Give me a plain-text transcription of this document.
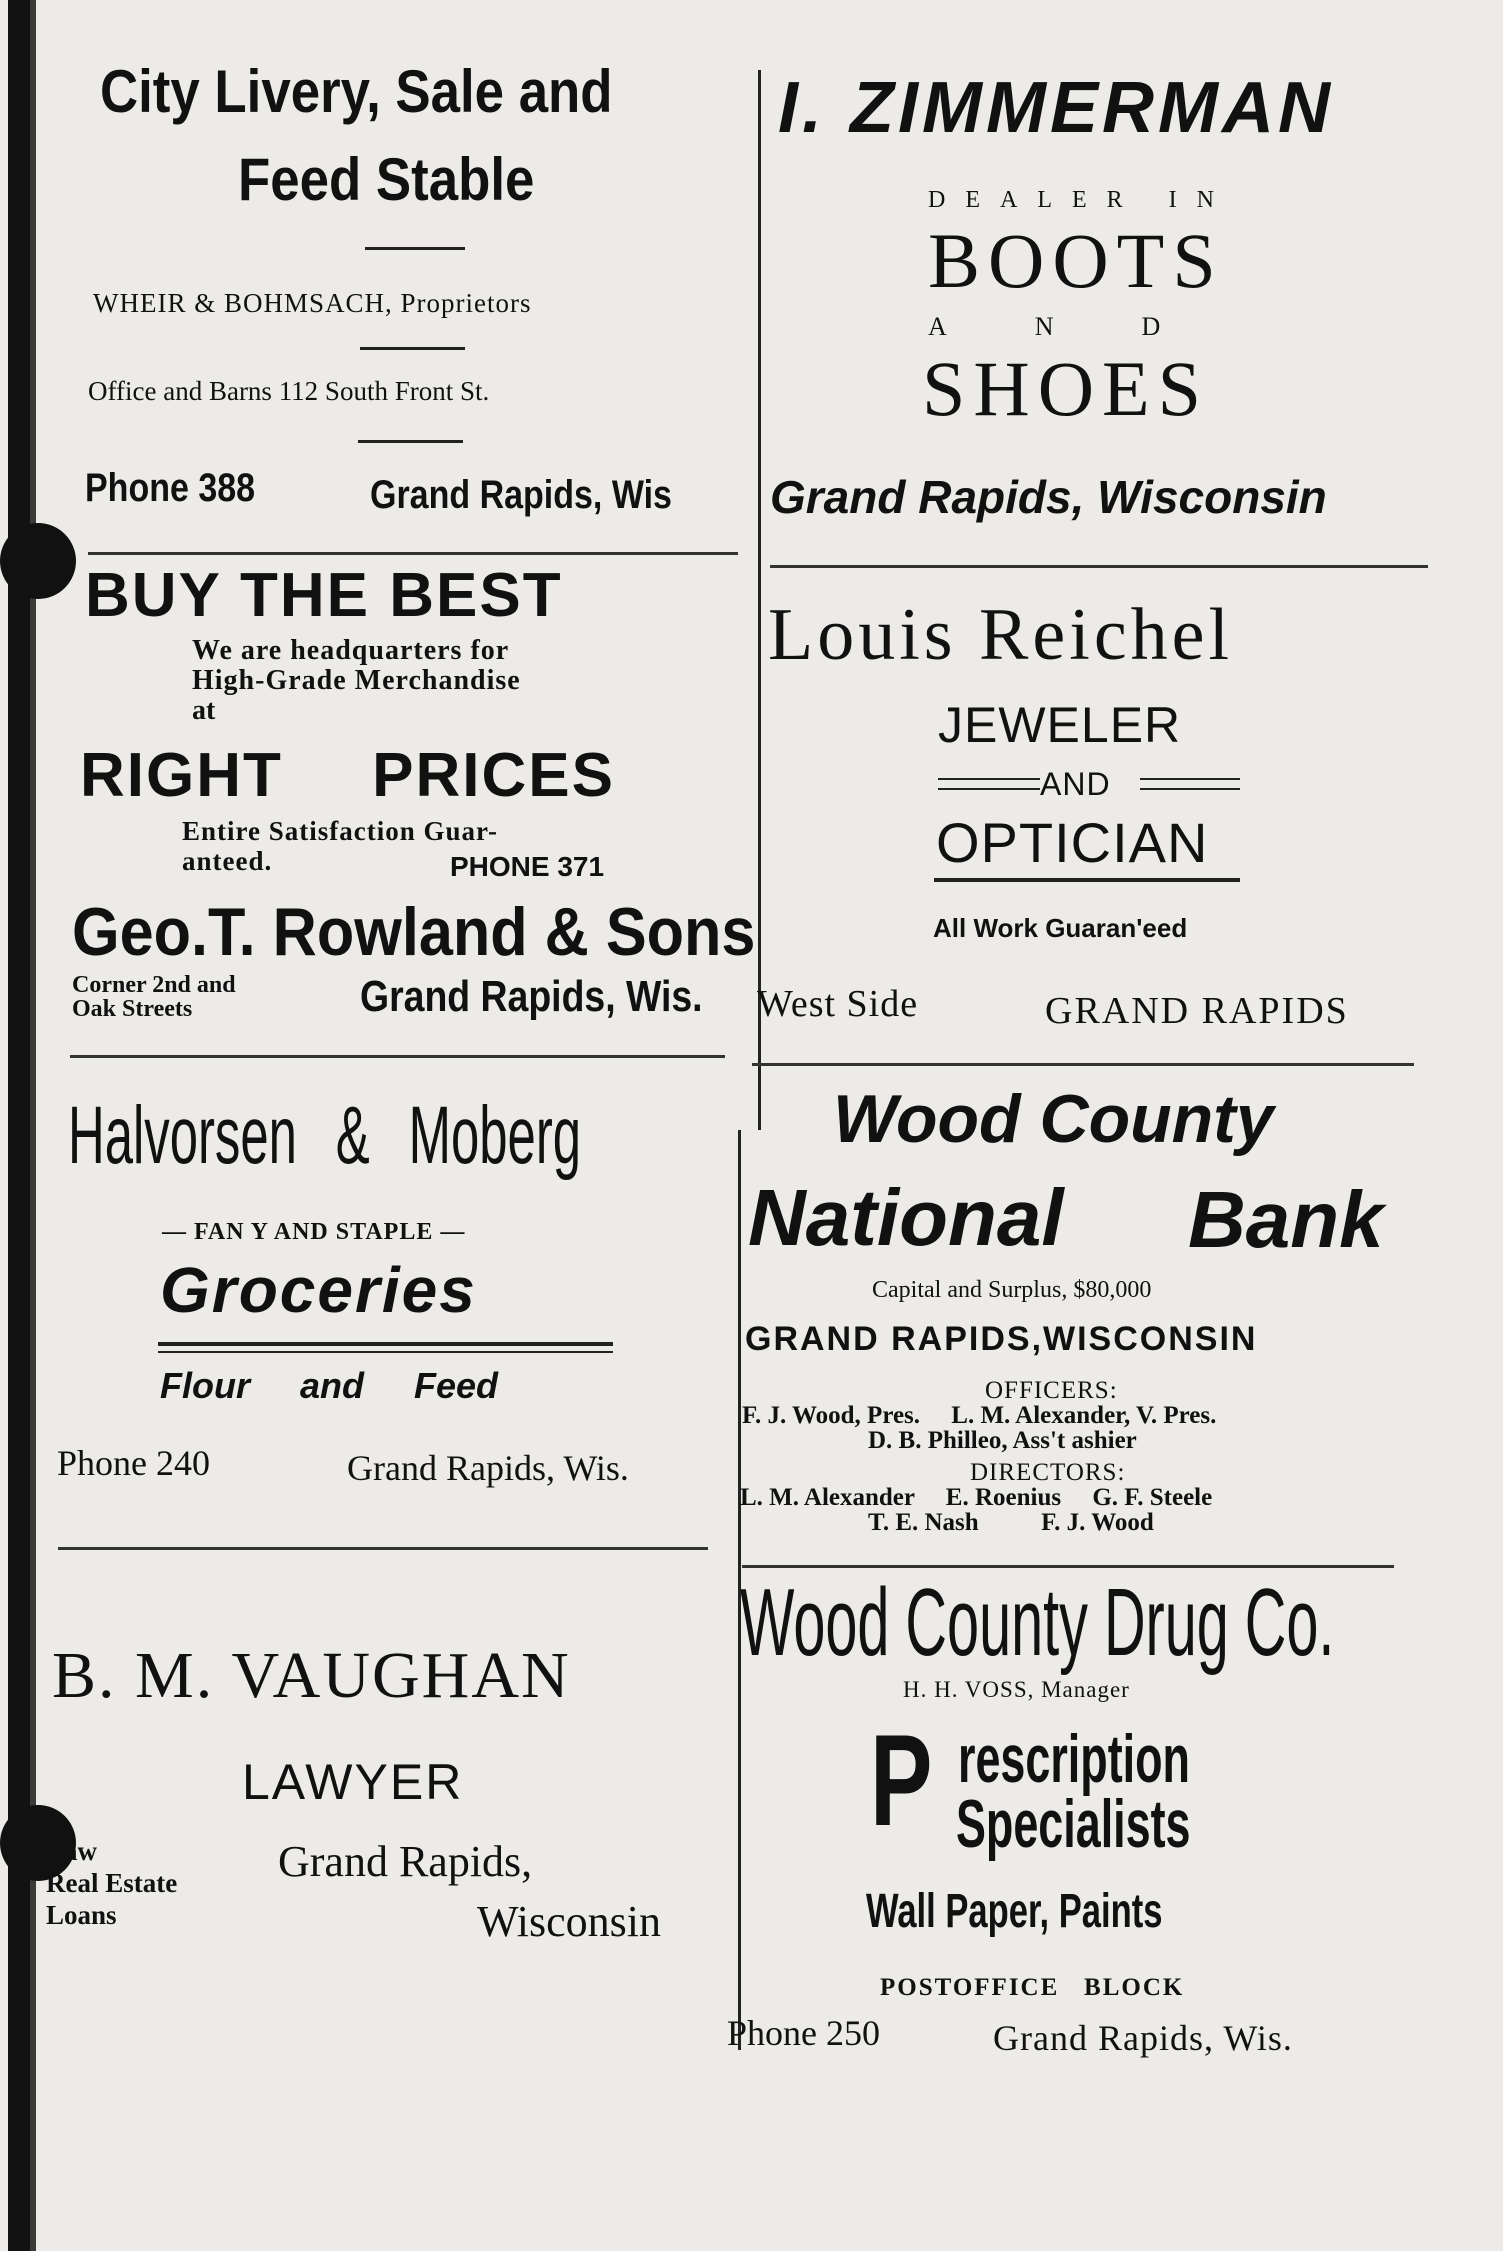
City Livery, Sale and
Feed Stable
WHEIR & BOHMSACH, Proprietors
Office and Barns 112 South Front St.
Phone 388	Grand Rapids, Wis
BUY THE BEST
We are headquarters for
High-Grade Merchandise
at
RIGHT PRICES
Entire Satisfaction Guar-
anteed.	PHONE 371
Geo.T. Rowland & Sons
Corner 2nd and
Oak Streets	Grand Rapids, Wis.
Halvorsen & Moberg
— FAN Y AND STAPLE —
Groceries
Flour and Feed
Phone 240	Grand Rapids, Wis.
B. M. VAUGHAN
LAWYER
Law
Real Estate
Loans
Grand Rapids,
Wisconsin
I. ZIMMERMAN
DEALER IN
BOOTS
AND
SHOES
Grand Rapids, Wisconsin
Louis Reichel
JEWELER
AND
OPTICIAN
All Work Guaran'eed
West Side	GRAND RAPIDS
Wood County
National Bank
Capital and Surplus, $80,000
GRAND RAPIDS,WISCONSIN
OFFICERS:
F. J. Wood, Pres.     L. M. Alexander, V. Pres.
D. B. Philleo, Ass't ashier
DIRECTORS:
L. M. Alexander     E. Roenius     G. F. Steele
T. E. Nash          F. J. Wood
Wood County Drug Co.
H. H. VOSS, Manager
P rescription
Specialists
Wall Paper, Paints
POSTOFFICE   BLOCK
Phone 250	Grand Rapids, Wis.
